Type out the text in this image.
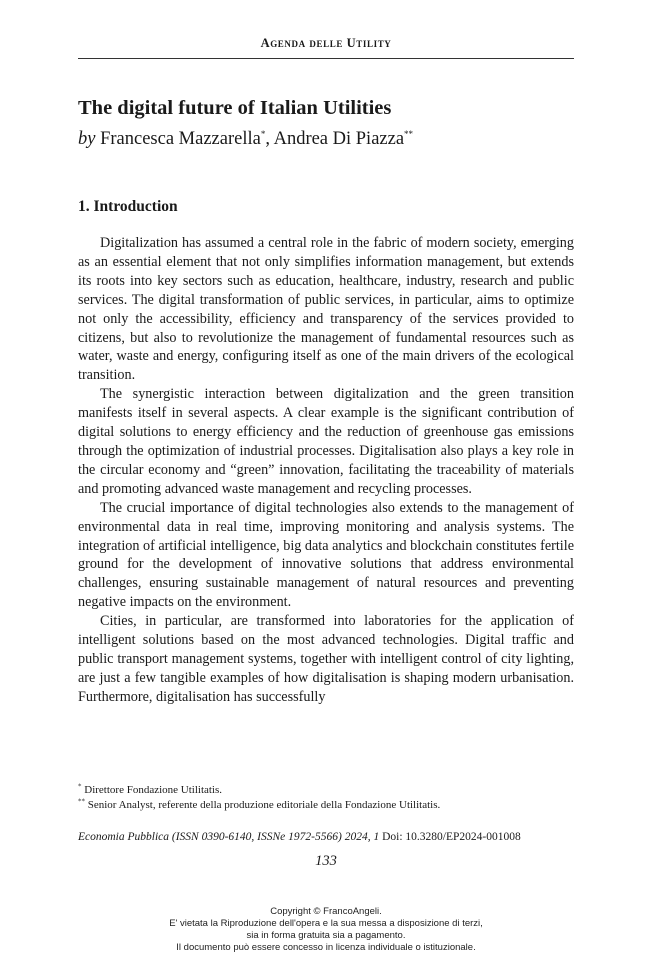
Agenda delle Utility
The digital future of Italian Utilities
by Francesca Mazzarella*, Andrea Di Piazza**
1. Introduction

Digitalization has assumed a central role in the fabric of modern society, emerging as an essential element that not only simplifies information management, but extends its roots into key sectors such as education, healthcare, industry, research and public services. The digital transformation of public services, in particular, aims to optimize not only the accessibility, efficiency and transparency of the services provided to citizens, but also to revolutionize the management of fundamental resources such as water, waste and energy, configuring itself as one of the main drivers of the ecological transition.

The synergistic interaction between digitalization and the green transition manifests itself in several aspects. A clear example is the significant contribution of digital solutions to energy efficiency and the reduction of greenhouse gas emissions through the optimization of industrial processes. Digitalisation also plays a key role in the circular economy and “green” innovation, facilitating the traceability of materials and promoting advanced waste management and recycling processes.

The crucial importance of digital technologies also extends to the management of environmental data in real time, improving monitoring and analysis systems. The integration of artificial intelligence, big data analytics and blockchain constitutes fertile ground for the development of innovative solutions that address environmental challenges, ensuring sustainable management of natural resources and preventing negative impacts on the environment.

Cities, in particular, are transformed into laboratories for the application of intelligent solutions based on the most advanced technologies. Digital traffic and public transport management systems, together with intelligent control of city lighting, are just a few tangible examples of how digitalisation is shaping modern urbanisation. Furthermore, digitalisation has successfully

* Direttore Fondazione Utilitatis.
** Senior Analyst, referente della produzione editoriale della Fondazione Utilitatis.
Economia Pubblica (ISSN 0390-6140, ISSNe 1972-5566) 2024, 1 Doi: 10.3280/EP2024-001008
133
Copyright © FrancoAngeli.
E' vietata la Riproduzione dell'opera e la sua messa a disposizione di terzi,
sia in forma gratuita sia a pagamento.
Il documento può essere concesso in licenza individuale o istituzionale.
